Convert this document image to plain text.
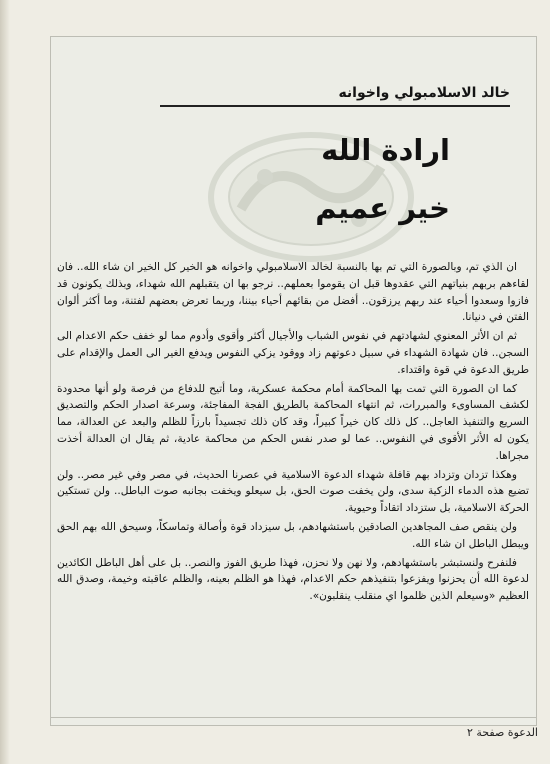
خالد الاسلامبولي واخوانه
ارادة الله
خير عميم

ان الذي تم، وبالصورة التي تم بها بالنسبة لخالد الاسلامبولي واخوانه هو الخير كل الخير ان شاء الله.. فان لقاءهم بربهم بنياتهم التي عقدوها قبل ان يقوموا بعملهم.. نرجو بها ان يتقبلهم الله شهداء، وبذلك يكونون قد فازوا وسعدوا أحياء عند ربهم يرزقون.. أفضل من بقائهم أحياء بيننا، وربما تعرض بعضهم لفتنة، وما أكثر ألوان الفتن في دنيانا.

ثم ان الأثر المعنوي لشهادتهم في نفوس الشباب والأجيال أكثر وأقوى وأدوم مما لو خفف حكم الاعدام الى السجن.. فان شهادة الشهداء في سبيل دعوتهم زاد ووقود يزكي النفوس ويدفع الغير الى العمل والإقدام على طريق الدعوة في قوة واقتداء.

كما ان الصورة التي تمت بها المحاكمة أمام محكمة عسكرية، وما أتيح للدفاع من فرصة ولو أنها محدودة لكشف المساوىء والمبررات، ثم انتهاء المحاكمة بالطريق الفجة المفاجئة، وسرعة اصدار الحكم والتصديق السريع والتنفيذ العاجل.. كل ذلك كان خيراً كبيراً، وقد كان ذلك تجسيداً بارزاً للظلم والبعد عن العدالة، مما يكون له الأثر الأقوى في النفوس.. عما لو صدر نفس الحكم من محاكمة عادية، ثم يقال ان العدالة أخذت مجراها.

وهكذا تزدان وتزداد بهم قافلة شهداء الدعوة الاسلامية في عصرنا الحديث، في مصر وفي غير مصر.. ولن تضيع هذه الدماء الزكية سدى، ولن يخفت صوت الحق، بل سيعلو ويخفت بجانبه صوت الباطل.. ولن تستكين الحركة الاسلامية، بل ستزداد اتقاداً وحيوية.

ولن ينقص صف المجاهدين الصادقين باستشهادهم، بل سيزداد قوة وأصالة وتماسكاً، وسيحق الله بهم الحق ويبطل الباطل ان شاء الله.

فلنفرح ولنستبشر باستشهادهم، ولا نهن ولا نحزن، فهذا طريق الفوز والنصر.. بل على أهل الباطل الكائدين لدعوة الله أن يحزنوا ويفزعوا بتنفيذهم حكم الاعدام، فهذا هو الظلم بعينه، والظلم عاقبته وخيمة، وصدق الله العظيم «وسيعلم الذين ظلموا اي منقلب ينقلبون».

الدعوة صفحة ٢
